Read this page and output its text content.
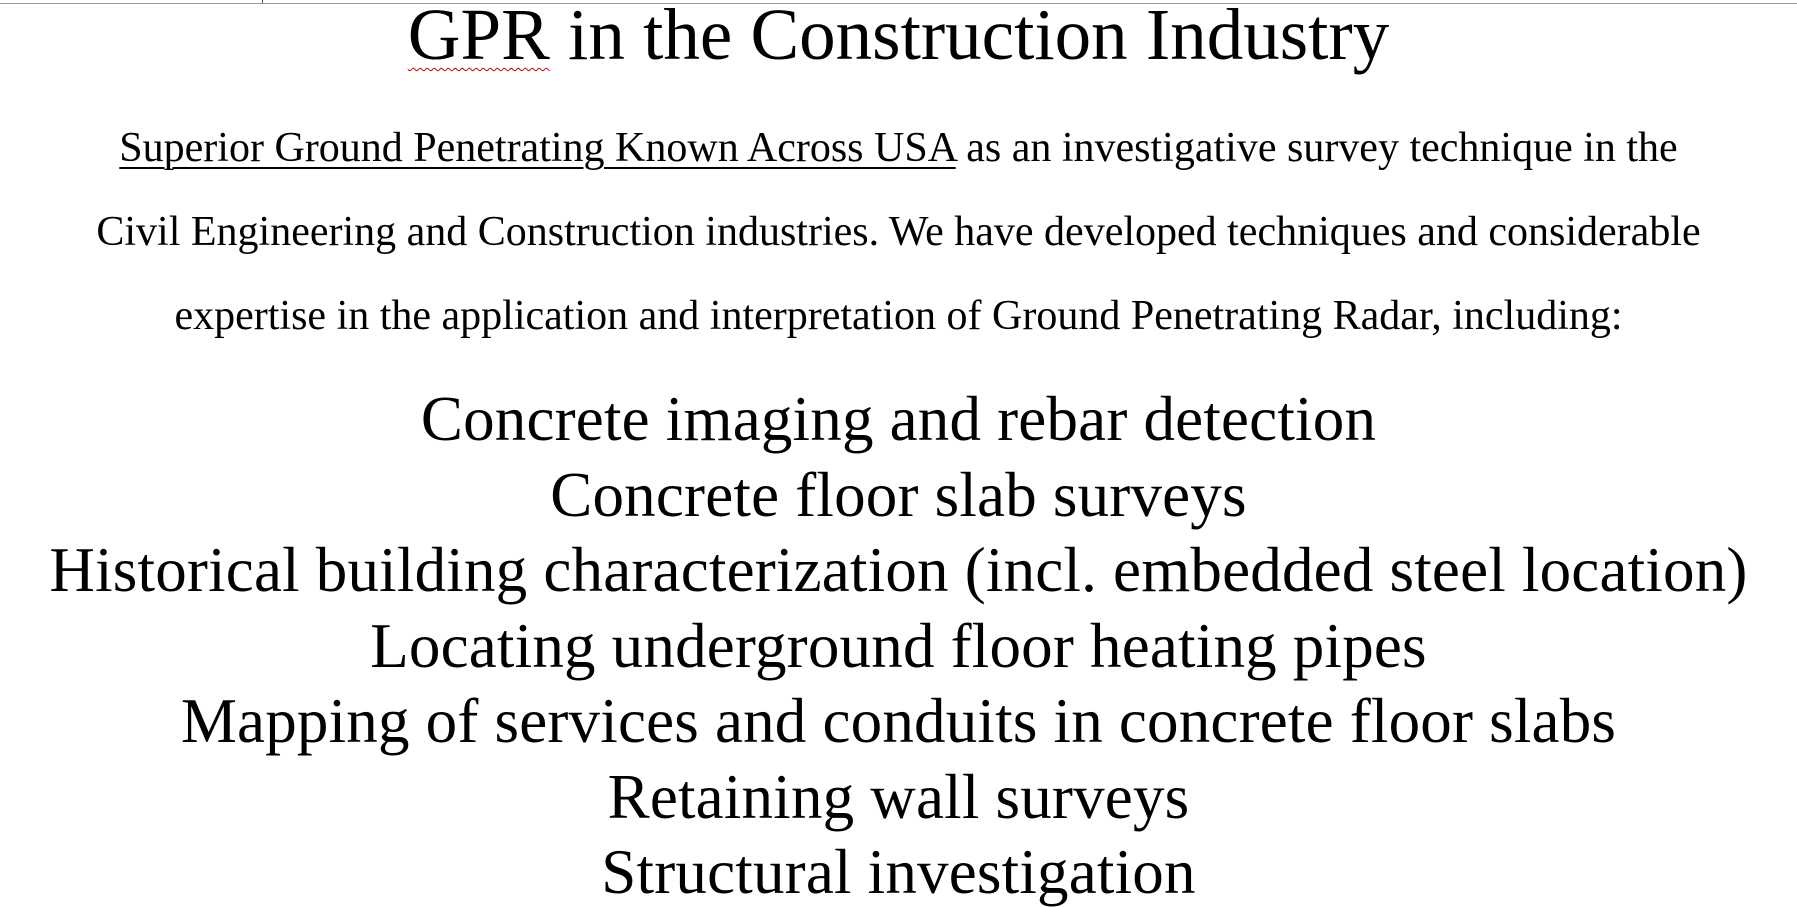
GPR in the Construction Industry

Superior Ground Penetrating Known Across USA as an investigative survey technique in the
Civil Engineering and Construction industries. We have developed techniques and considerable
expertise in the application and interpretation of Ground Penetrating Radar, including:

Concrete imaging and rebar detection
Concrete floor slab surveys
Historical building characterization (incl. embedded steel location)
Locating underground floor heating pipes
Mapping of services and conduits in concrete floor slabs
Retaining wall surveys
Structural investigation
